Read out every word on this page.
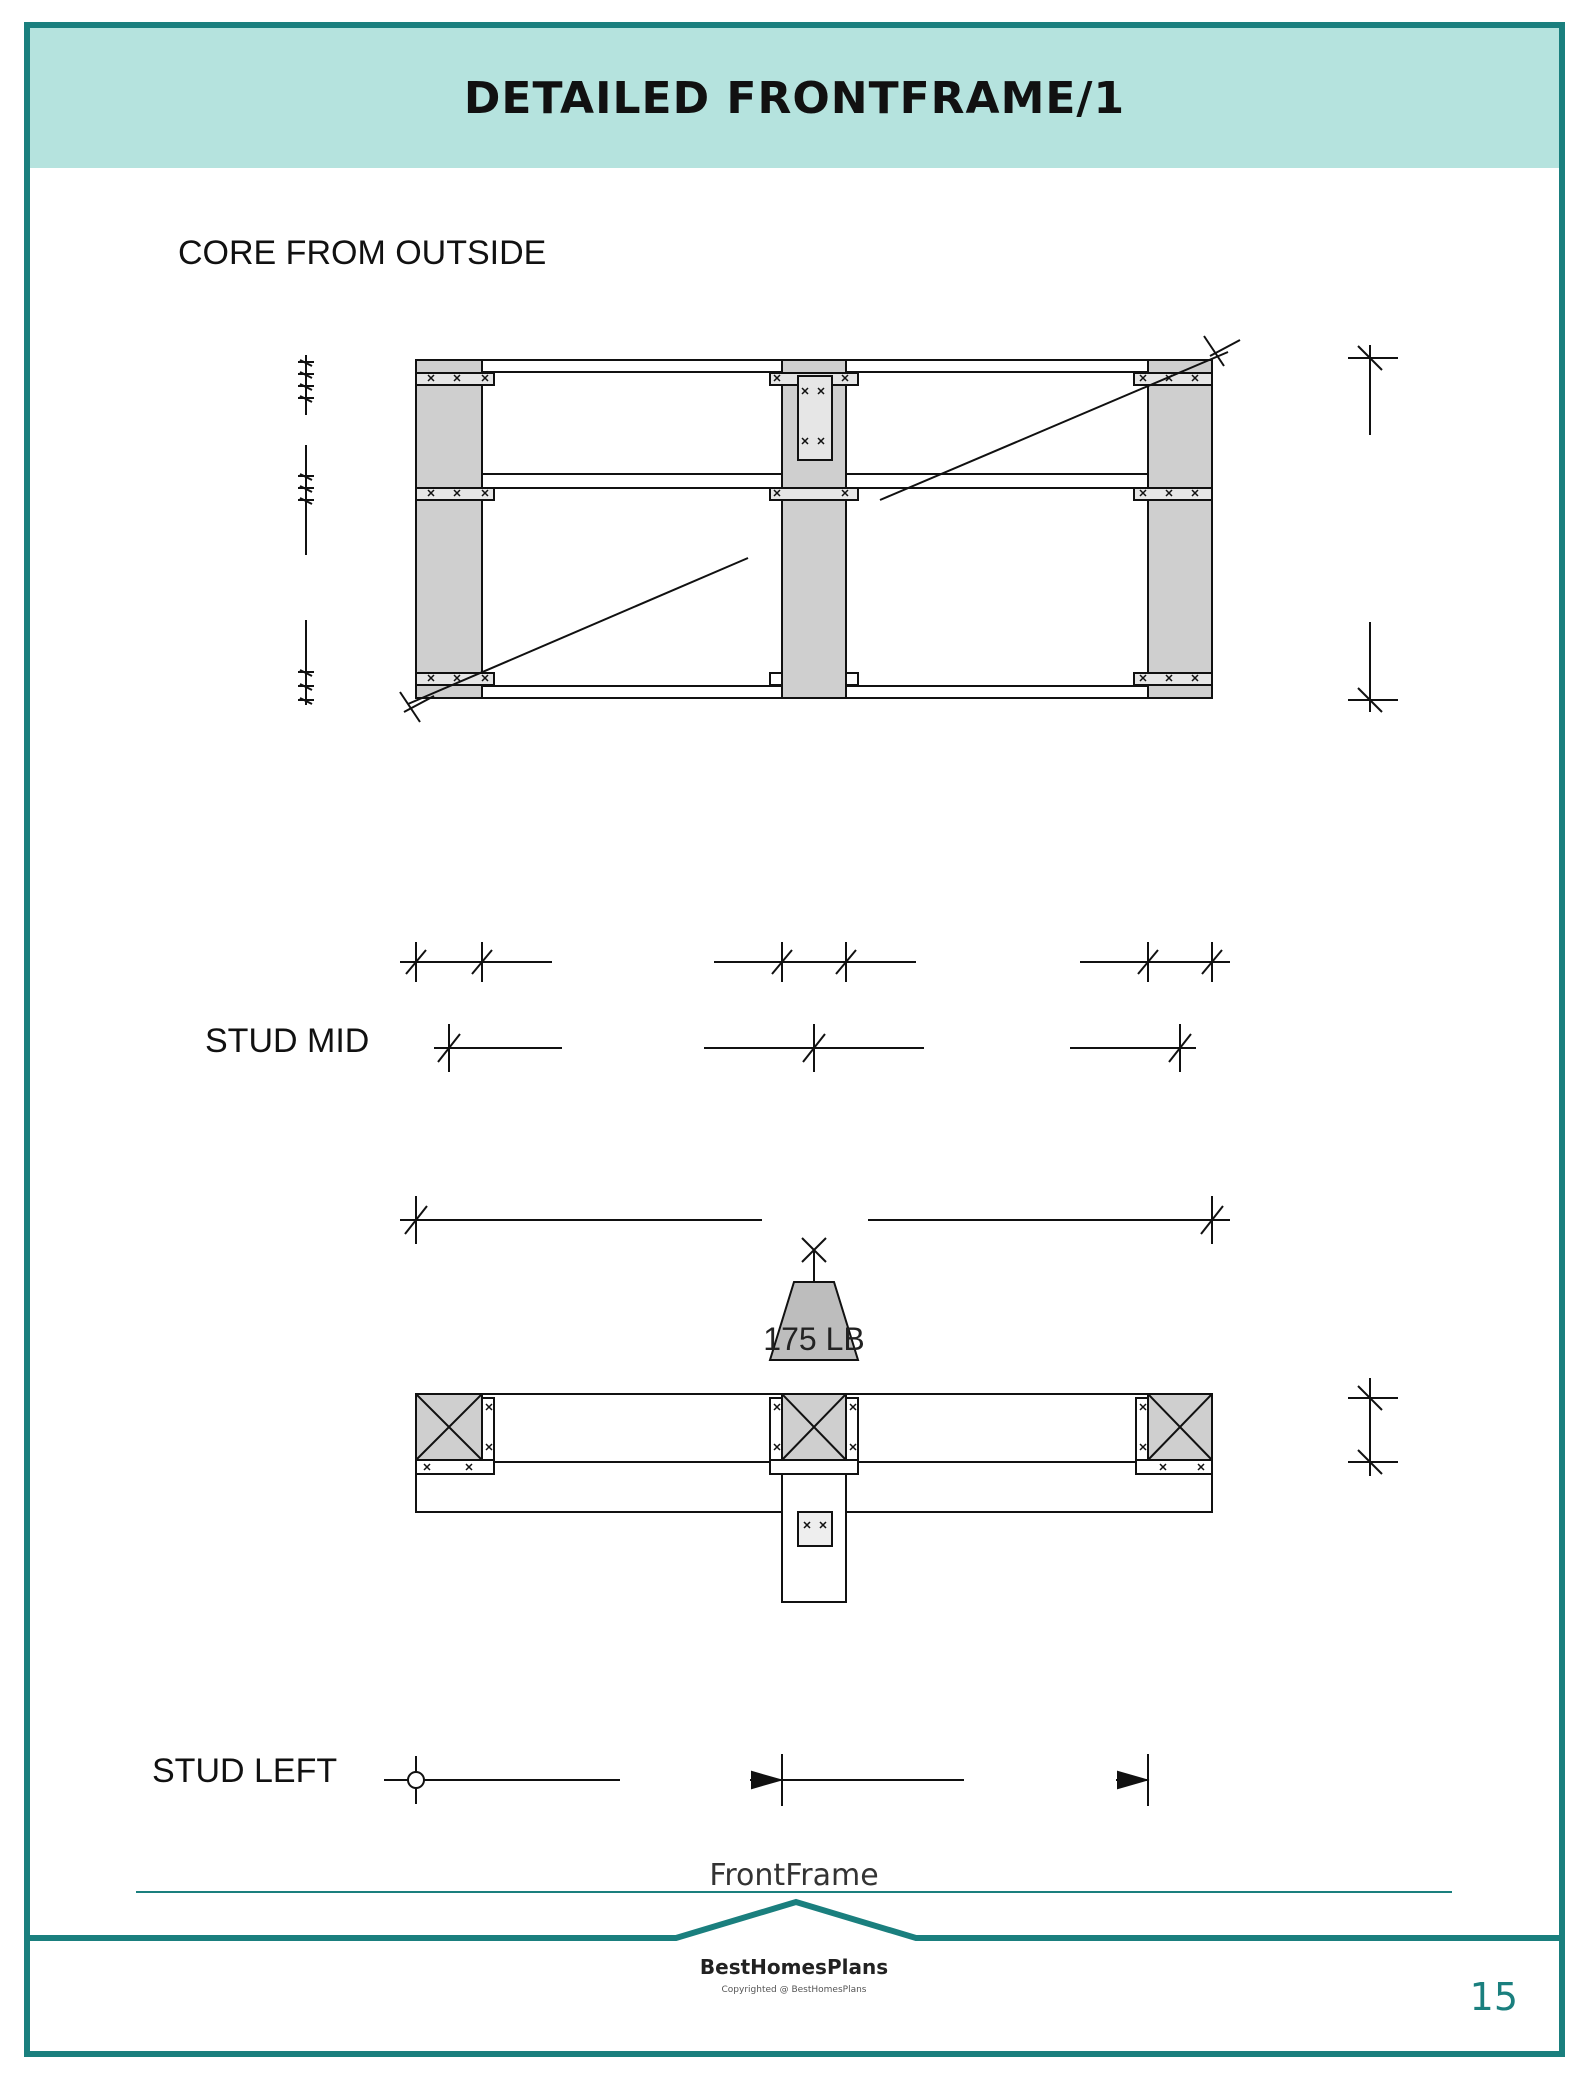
DETAILED FRONTFRAME/1
CORE FROM OUTSIDE
STUD MID
STUD LEFT
175 LB
FrontFrame
BestHomesPlans
Copyrighted @ BestHomesPlans	15
